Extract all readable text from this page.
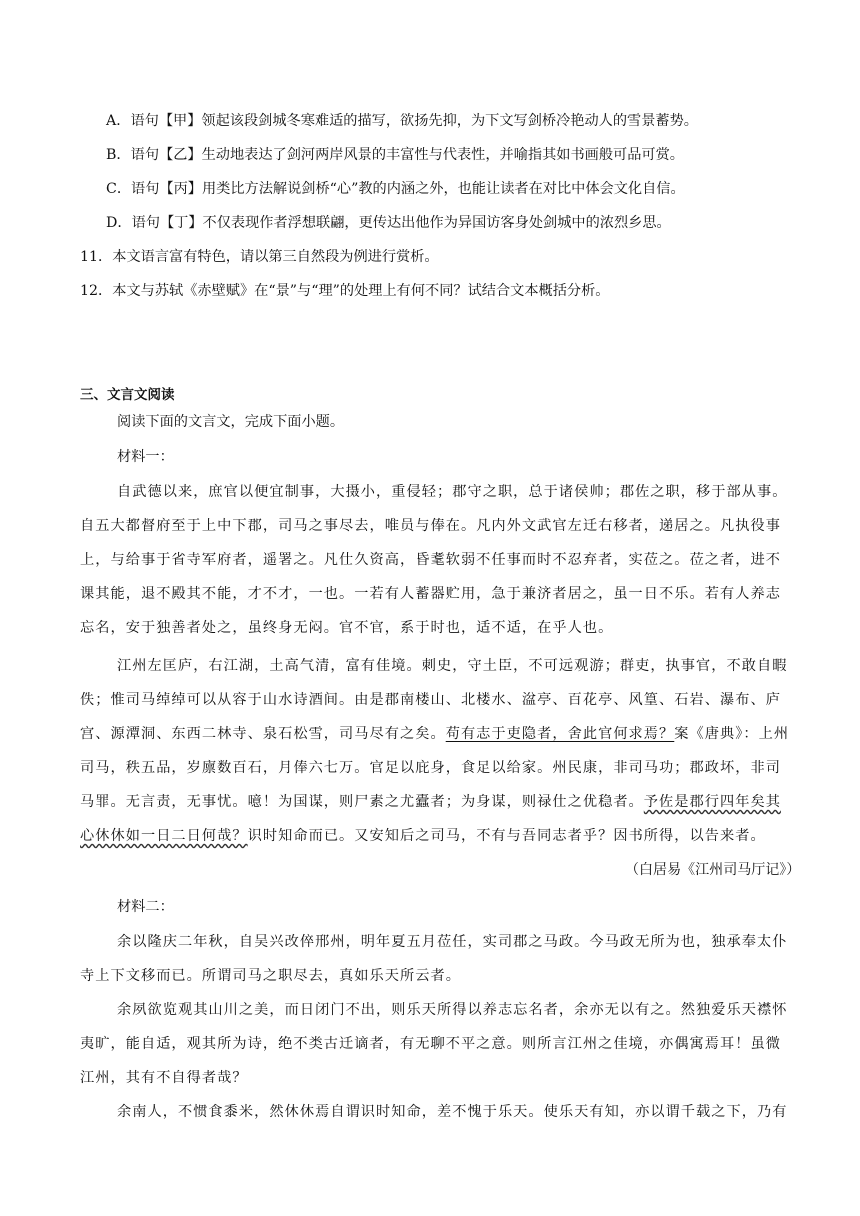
A．语句【甲】领起该段剑城冬寒难适的描写，欲扬先抑，为下文写剑桥冷艳动人的雪景蓄势。
B．语句【乙】生动地表达了剑河两岸风景的丰富性与代表性，并喻指其如书画般可品可赏。
C．语句【丙】用类比方法解说剑桥“心”教的内涵之外，也能让读者在对比中体会文化自信。
D．语句【丁】不仅表现作者浮想联翩，更传达出他作为异国访客身处剑城中的浓烈乡思。
11．本文语言富有特色，请以第三自然段为例进行赏析。
12．本文与苏轼《赤壁赋》在“景”与“理”的处理上有何不同？试结合文本概括分析。
三、文言文阅读
阅读下面的文言文，完成下面小题。
材料一：
自武德以来，庶官以便宜制事，大摄小，重侵轻；郡守之职，总于诸侯帅；郡佐之职，移于部从事。
自五大都督府至于上中下郡，司马之事尽去，唯员与俸在。凡内外文武官左迁右移者，递居之。凡执役事
上，与给事于省寺军府者，遥署之。凡仕久资高，昏耄软弱不任事而时不忍弃者，实莅之。莅之者，进不
课其能，退不殿其不能，才不才，一也。一若有人蓄器贮用，急于兼济者居之，虽一日不乐。若有人养志
忘名，安于独善者处之，虽终身无闷。官不官，系于时也，适不适，在乎人也。
江州左匡庐，右江湖，土高气清，富有佳境。刺史，守土臣，不可远观游；群吏，执事官，不敢自暇
佚；惟司马绰绰可以从容于山水诗酒间。由是郡南楼山、北楼水、湓亭、百花亭、风篁、石岩、瀑布、庐
宫、源潭洞、东西二林寺、泉石松雪，司马尽有之矣。苟有志于吏隐者，舍此官何求焉？案《唐典》：上州
司马，秩五品，岁廪数百石，月俸六七万。官足以庇身，食足以给家。州民康，非司马功；郡政坏，非司
马罪。无言责，无事忧。噫！为国谋，则尸素之尤蠹者；为身谋，则禄仕之优稳者。予佐是郡行四年矣其
心休休如一日二日何哉？识时知命而已。又安知后之司马，不有与吾同志者乎？因书所得，以告来者。
（白居易《江州司马厅记》）
材料二：
余以隆庆二年秋，自吴兴改倅邢州，明年夏五月莅任，实司郡之马政。今马政无所为也，独承奉太仆
寺上下文移而已。所谓司马之职尽去，真如乐天所云者。
余夙欲览观其山川之美，而日闭门不出，则乐天所得以养志忘名者，余亦无以有之。然独爱乐天襟怀
夷旷，能自适，观其所为诗，绝不类古迁谪者，有无聊不平之意。则所言江州之佳境，亦偶寓焉耳！虽微
江州，其有不自得者哉？
余南人，不惯食黍米，然休休焉自谓识时知命，差不愧于乐天。使乐天有知，亦以谓千载之下，乃有
